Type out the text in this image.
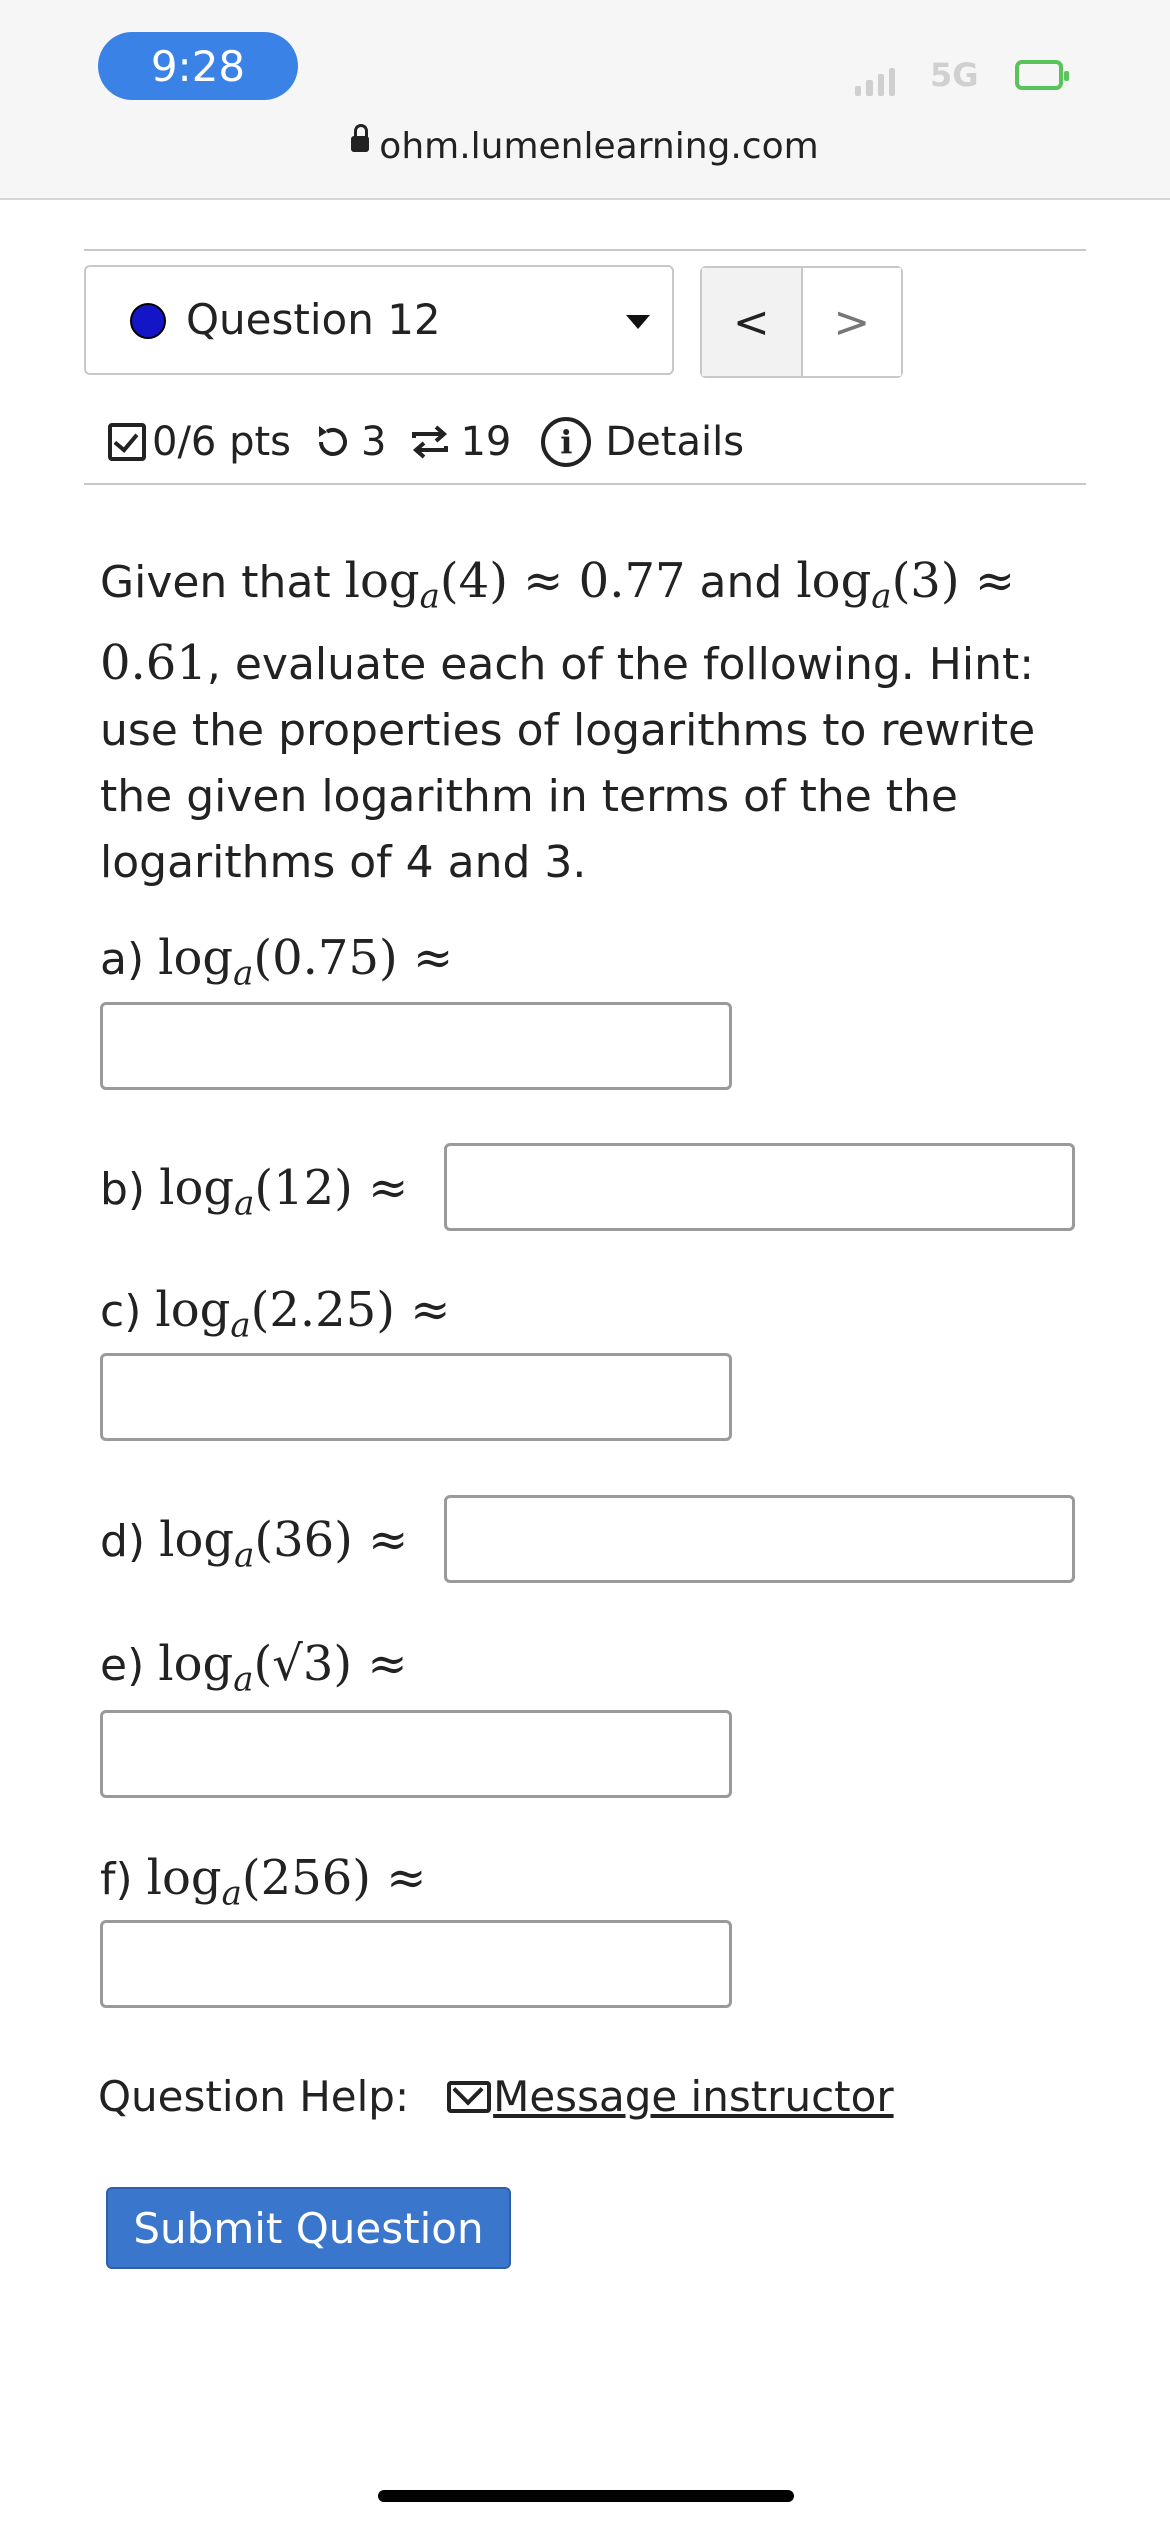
9:28	5G
ohm.lumenlearning.com
Question 12	<	>
0/6 pts 3 19	i Details
Given that $\log_a(4) \approx 0.77$ and $\log_a(3) \approx 0.61$, evaluate each of the following. Hint: use the properties of logarithms to rewrite the given logarithm in terms of the the logarithms of 4 and 3.
a) $\log_a(0.75)$ ≈
b) $\log_a(12)$ ≈
c) $\log_a(2.25)$ ≈
d) $\log_a(36)$ ≈
e) $\log_a(√3)$ ≈
f) $\log_a(256)$ ≈
Question Help: Message instructor
Submit Question
